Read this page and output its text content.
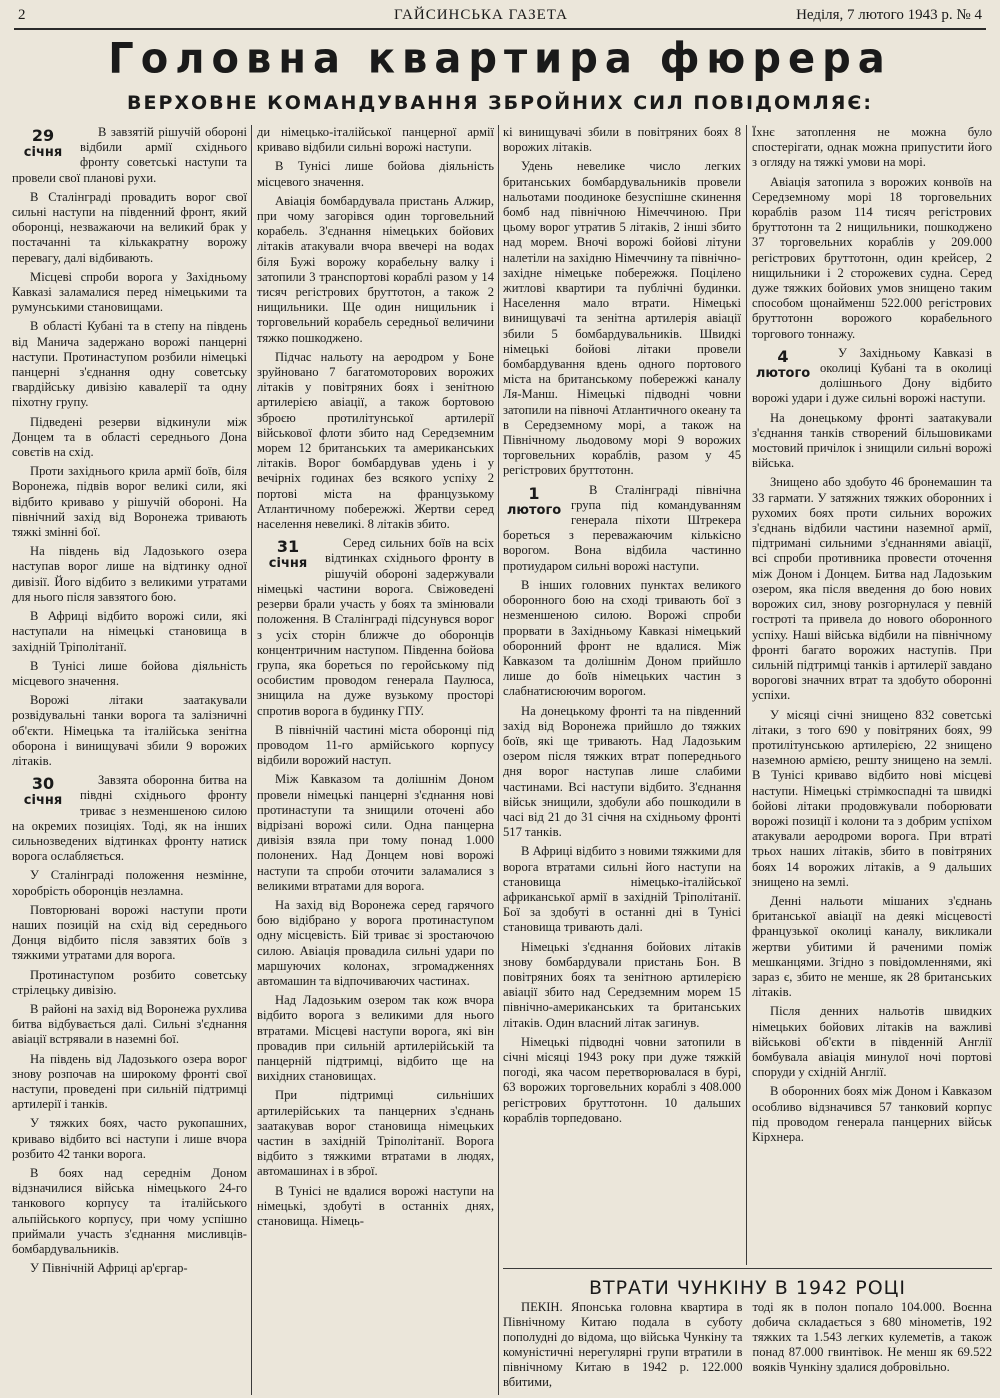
2	ГАЙСИНСЬКА ГАЗЕТА	Неділя, 7 лютого 1943 р. № 4
Головна квартира фюрера
ВЕРХОВНЕ КОМАНДУВАННЯ ЗБРОЙНИХ СИЛ ПОВІДОМЛЯЄ:
29
січня

В завзятій рішучій обороні відбили армії східнього фронту советські наступи та провели свої планові рухи.

В Сталінграді провадить ворог свої сильні наступи на південний фронт, який оборонці, незважаючи на великий брак у постачанні та кількакратну ворожу перевагу, далі відбивають.

Місцеві спроби ворога у Західньому Кавказі заламалися перед німецькими та румунськими становищами.

В області Кубані та в степу на південь від Манича задержано ворожі панцерні наступи. Протинаступом розбили німецькі панцерні з'єднання одну советську гвардійську дивізію кавалерії та одну піхотну групу.

Підведені резерви відкинули між Донцем та в області середнього Дона совєтів на схід.

Проти західнього крила армії боїв, біля Воронежа, підвів ворог великі сили, які відбито криваво у рішучій обороні. На північний захід від Воронежа тривають тяжкі змінні бої.

На південь від Ладозького озера наступав ворог лише на відтинку одної дивізії. Його відбито з великими утратами для нього після завзятого бою.

В Африці відбито ворожі сили, які наступали на німецькі становища в західній Тріполітанії.

В Тунісі лише бойова діяльність місцевого значення.

Ворожі літаки заатакували розвідувальні танки ворога та залізничні об'єкти. Німецька та італійська зенітна оборона і винищувачі збили 9 ворожих літаків.

30
січня

Завзята оборонна битва на півдні східнього фронту триває з незменшеною силою на окремих позиціях. Тоді, як на інших сильнозведених відтинках фронту натиск ворога ослабляється.

У Сталінграді положення незмінне, хоробрість оборонців незламна.

Повторювані ворожі наступи проти наших позицій на схід від середнього Донця відбито після завзятих боїв з тяжкими утратами для ворога.

Протинаступом розбито советську стрілецьку дивізію.

В районі на захід від Воронежа рухлива битва відбувається далі. Сильні з'єднання авіації встрявали в наземні бої.

На південь від Ладозького озера ворог знову розпочав на широкому фронті свої наступи, проведені при сильній підтримці артилерії і танків.

У тяжких боях, часто рукопашних, криваво відбито всі наступи і лише вчора розбито 42 танки ворога.

В боях над середнім Доном відзначилися війська німецького 24-го танкового корпусу та італійського альпійського корпусу, при чому успішно приймали участь з'єднання мисливців-бомбардувальників.

У Північній Африці ар'єргар-

ди німецько-італійської панцерної армії криваво відбили сильні ворожі наступи.

В Тунісі лише бойова діяльність місцевого значення.

Авіація бомбардувала пристань Алжир, при чому загорівся один торговельний корабель. З'єднання німецьких бойових літаків атакували вчора ввечері на водах біля Бужі ворожу корабельну валку і затопили 3 транспортові кораблі разом у 14 тисяч регістрових бруттотон, а також 2 нищильники. Ще один нищильник і торговельний корабель середньої величини тяжко пошкоджено.

Підчас нальоту на аеродром у Боне зруйновано 7 багатомоторових ворожих літаків у повітряних боях і зенітною артилерією авіації, а також бортовою зброєю протилітунської артилерії військової флоти збито над Середземним морем 12 британських та американських літаків. Ворог бомбардував удень і у вечірніх годинах без всякого успіху 2 портові міста на французькому Атлантичному побережжі. Жертви серед населення невеликі. 8 літаків збито.

31
січня

Серед сильних боїв на всіх відтинках східнього фронту в рішучій обороні задержували німецькі частини ворога. Свіжоведені резерви брали участь у боях та змінювали положення. В Сталінграді підсунувся ворог з усіх сторін ближче до оборонців концентричним наступом. Південна бойова група, яка бореться по геройському під особистим проводом генерала Паулюса, знищила на дуже вузькому просторі спротив ворога в будинку ГПУ.

В північній частині міста оборонці під проводом 11-го армійського корпусу відбили ворожий наступ.

Між Кавказом та долішнім Доном провели німецькі панцерні з'єднання нові протинаступи та знищили оточені або відрізані ворожі сили. Одна панцерна дивізія взяла при тому понад 1.000 полонених. Над Донцем нові ворожі наступи та спроби оточити заламалися з великими втратами для ворога.

На захід від Воронежа серед гарячого бою відібрано у ворога протинаступом одну місцевість. Бій триває зі зростаючою силою. Авіація провадила сильні удари по маршуючих колонах, згромадженнях автомашин та відпочиваючих частинах.

Над Ладозьким озером так кож вчора відбито ворога з великими для нього втратами. Місцеві наступи ворога, які він провадив при сильній артилерійській та панцерній підтримці, відбито ще на вихідних становищах.

При підтримці сильніших артилерійських та панцерних з'єднань заатакував ворог становища німецьких частин в західній Тріполітанії. Ворога відбито з тяжкими втратами в людях, автомашинах і в зброї.

В Тунісі не вдалися ворожі наступи на німецькі, здобуті в останніх днях, становища. Німець-

кі винищувачі збили в повітряних боях 8 ворожих літаків.

Удень невелике число легких британських бомбардувальників провели нальотами поодиноке безуспішне скинення бомб над північною Німеччиною. При цьому ворог утратив 5 літаків, 2 інші збито над морем. Вночі ворожі бойові літуни налетіли на західню Німеччину та північно-західне німецьке побережжя. Поцілено житлові квартири та публічні будинки. Населення мало втрати. Німецькі винищувачі та зенітна артилерія авіації збили 5 бомбардувальників. Швидкі німецькі бойові літаки провели бомбардування вдень одного портового міста на британському побережжі каналу Ля-Манш. Німецькі підводні човни затопили на півночі Атлантичного океану та в Середземному морі, а також на Північному льодовому морі 9 ворожих торговельних кораблів, разом у 45 регістрових бруттотонн.

1
лютого

В Сталінграді північна група під командуванням генерала піхоти Штрекера бореться з переважаючим кількісно ворогом. Вона відбила частинно протиударом сильні ворожі наступи.

В інших головних пунктах великого оборонного бою на сході тривають бої з незменшеною силою. Ворожі спроби прорвати в Західньому Кавказі німецький оборонний фронт не вдалися. Між Кавказом та долішнім Доном прийшло лише до боїв німецьких частин з слабнатисюючим ворогом.

На донецькому фронті та на південний захід від Воронежа прийшло до тяжких боїв, які ще тривають. Над Ладозьким озером після тяжких втрат попереднього дня ворог наступав лише слабими частинами. Всі наступи відбито. З'єднання військ знищили, здобули або пошкодили в часі від 21 до 31 січня на східньому фронті 517 танків.

В Африці відбито з новими тяжкими для ворога втратами сильні його наступи на становища німецько-італійської африканської армії в західній Тріполітанії. Бої за здобуті в останні дні в Тунісі становища тривають далі.

Німецькі з'єднання бойових літаків знову бомбардували пристань Бон. В повітряних боях та зенітною артилерією авіації збито над Середземним морем 15 північно-американських та британських літаків. Один власний літак загинув.

Німецькі підводні човни затопили в січні місяці 1943 року при дуже тяжкій погоді, яка часом перетворювалася в бурі, 63 ворожих торговельних кораблі з 408.000 регістрових бруттотонн. 10 дальших кораблів торпедовано.

Їхнє затоплення не можна було спостерігати, однак можна припустити його з огляду на тяжкі умови на морі.

Авіація затопила з ворожих конвоїв на Середземному морі 18 торговельних кораблів разом 114 тисяч регістрових бруттотонн та 2 нищильники, пошкоджено 37 торговельних кораблів у 209.000 регістрових бруттотонн, один крейсер, 2 нищильники і 2 сторожевих судна. Серед дуже тяжких бойових умов знищено таким способом щонайменш 522.000 регістрових бруттотонн ворожого корабельного торгового тоннажу.

4
лютого

У Західньому Кавказі в околиці Кубані та в околиці долішнього Дону відбито ворожі удари і дуже сильні ворожі наступи.

На донецькому фронті заатакували з'єднання танків створений більшовиками мостовий причілок і знищили сильні ворожі війська.

Знищено або здобуто 46 бронемашин та 33 гармати. У затяжних тяжких оборонних і рухомих боях проти сильних ворожих з'єднань відбили частини наземної армії, підтримані сильними з'єднаннями авіації, всі спроби противника провести оточення між Доном і Донцем. Битва над Ладозьким озером, яка після введення до бою нових ворожих сил, знову розгорнулася у певній гостроті та привела до нового оборонного успіху. Наші війська відбили на північному фронті багато ворожих наступів. При сильній підтримці танків і артилерії завдано ворогові значних втрат та здобуто оборонні успіхи.

У місяці січні знищено 832 советські літаки, з того 690 у повітряних боях, 99 протилітунською артилерією, 22 знищено наземною армією, решту знищено на землі. В Тунісі криваво відбито нові місцеві наступи. Німецькі стрімкоспадні та швидкі бойові літаки продовжували поборювати ворожі позиції і колони та з добрим успіхом атакували аеродроми ворога. При втраті трьох наших літаків, збито в повітряних боях 14 ворожих літаків, а 9 дальших знищено на землі.

Денні нальоти мішаних з'єднань британської авіації на деякі місцевості французької околиці каналу, викликали жертви убитими й раченими поміж мешканцями. Згідно з повідомленнями, які зараз є, збито не менше, як 28 британських літаків.

Після денних нальотів швидких німецьких бойових літаків на важливі військові об'єкти в південній Англії бомбувала авіація минулої ночі портові споруди у східній Англії.

В оборонних боях між Доном і Кавказом особливо відзначився 57 танковий корпус під проводом генерала панцерних військ Кірхнера.

ВТРАТИ ЧУНКІНУ В 1942 РОЦІ

ПЕКІН. Японська головна квартира в Північному Китаю подала в суботу пополудні до відома, що війська Чункіну та комуністичні нерегулярні групи втратили в північному Китаю в 1942 р. 122.000 вбитими,

тоді як в полон попало 104.000. Воєнна добича складається з 680 мінометів, 192 тяжких та 1.543 легких кулеметів, а також понад 87.000 гвинтівок. Не менш як 69.522 вояків Чункіну здалися добровільно.
